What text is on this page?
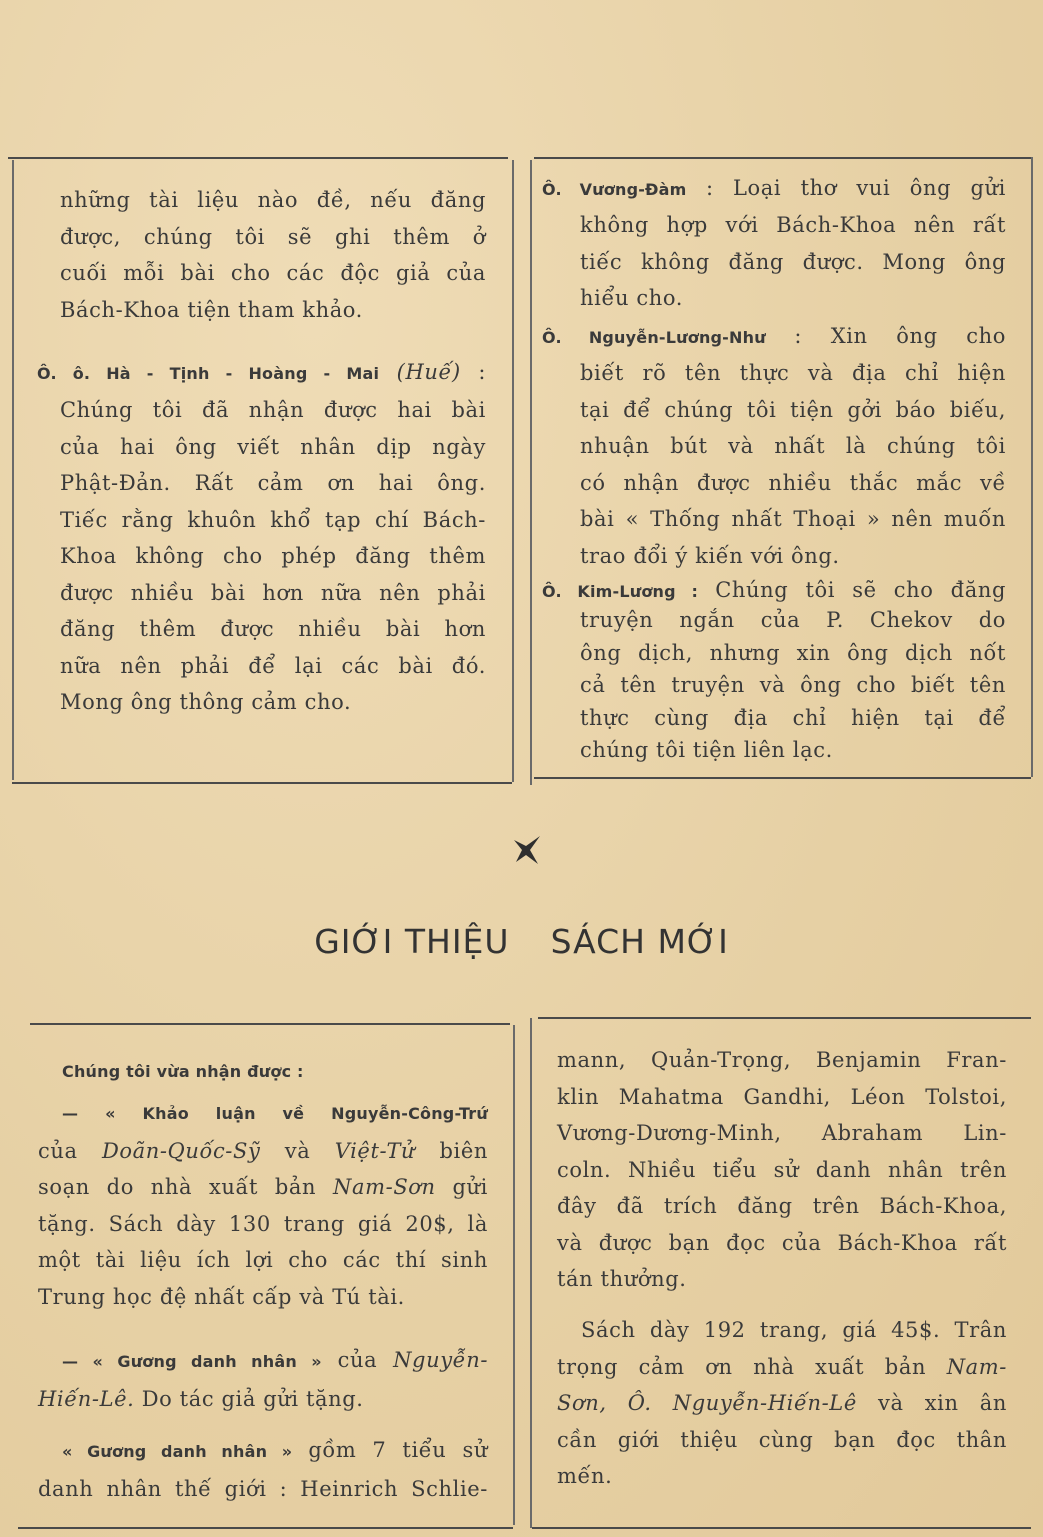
những tài liệu nào đề, nếu đăng

được, chúng tôi sẽ ghi thêm ở

cuối mỗi bài cho các độc giả của

Bách-Khoa tiện tham khảo.

Ô. ô. Hà - Tịnh - Hoàng - Mai (Huế) :

Chúng tôi đã nhận được hai bài

của hai ông viết nhân dịp ngày

Phật-Đản. Rất cảm ơn hai ông.

Tiếc rằng khuôn khổ tạp chí Bách-

Khoa không cho phép đăng thêm

được nhiều bài hơn nữa nên phải

đăng thêm được nhiều bài hơn

nữa nên phải để lại các bài đó.

Mong ông thông cảm cho.

Ô. Vương-Đàm : Loại thơ vui ông gửi

không hợp với Bách-Khoa nên rất

tiếc không đăng được. Mong ông

hiểu cho.

Ô. Nguyễn-Lương-Như : Xin ông cho

biết rõ tên thực và địa chỉ hiện

tại để chúng tôi tiện gởi báo biếu,

nhuận bút và nhất là chúng tôi

có nhận được nhiều thắc mắc về

bài « Thống nhất Thoại » nên muốn

trao đổi ý kiến với ông.

Ô. Kim-Lương : Chúng tôi sẽ cho đăng

truyện ngắn của P. Chekov do

ông dịch, nhưng xin ông dịch nốt

cả tên truyện và ông cho biết tên

thực cùng địa chỉ hiện tại để

chúng tôi tiện liên lạc.

GIỚI THIỆU SÁCH MỚI

Chúng tôi vừa nhận được :

— « Khảo luận về Nguyễn-Công-Trứ

của Doãn-Quốc-Sỹ và Việt-Tử biên

soạn do nhà xuất bản Nam-Sơn gửi

tặng. Sách dày 130 trang giá 20$, là

một tài liệu ích lợi cho các thí sinh

Trung học đệ nhất cấp và Tú tài.

— « Gương danh nhân » của Nguyễn-

Hiến-Lê. Do tác giả gửi tặng.

« Gương danh nhân » gồm 7 tiểu sử

danh nhân thế giới : Heinrich Schlie-

mann, Quản-Trọng, Benjamin Fran-

klin Mahatma Gandhi, Léon Tolstoi,

Vương-Dương-Minh, Abraham Lin-

coln. Nhiều tiểu sử danh nhân trên

đây đã trích đăng trên Bách-Khoa,

và được bạn đọc của Bách-Khoa rất

tán thưởng.

Sách dày 192 trang, giá 45$. Trân

trọng cảm ơn nhà xuất bản Nam-

Sơn, Ô. Nguyễn-Hiến-Lê và xin ân

cần giới thiệu cùng bạn đọc thân

mến.
